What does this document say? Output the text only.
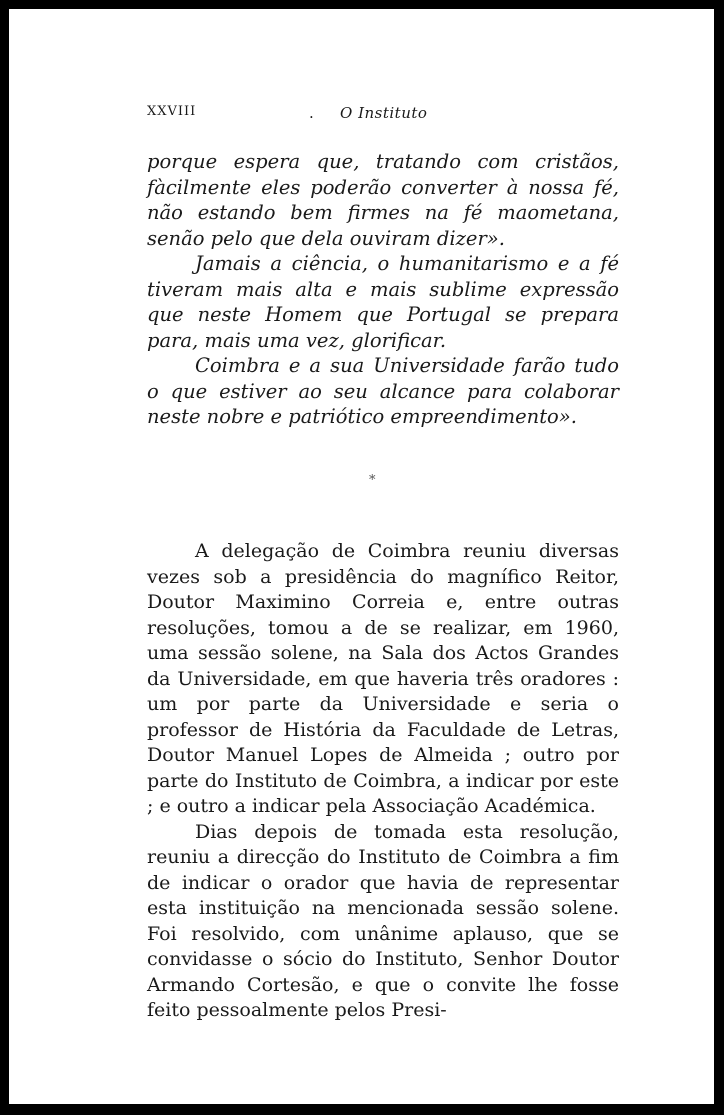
XXVIII	. O Instituto

porque espera que, tratando com cristãos, fàcilmente eles poderão converter à nossa fé, não estando bem firmes na fé maometana, senão pelo que dela ouviram dizer».

Jamais a ciência, o humanitarismo e a fé tiveram mais alta e mais sublime expressão que neste Homem que Portugal se prepara para, mais uma vez, glorificar.

Coimbra e a sua Universidade farão tudo o que estiver ao seu alcance para colaborar neste nobre e patriótico empreendimento».

*

A delegação de Coimbra reuniu diversas vezes sob a presidência do magnífico Reitor, Doutor Maximino Correia e, entre outras resoluções, tomou a de se realizar, em 1960, uma sessão solene, na Sala dos Actos Grandes da Universidade, em que haveria três oradores : um por parte da Universidade e seria o professor de História da Faculdade de Letras, Doutor Manuel Lopes de Almeida ; outro por parte do Instituto de Coimbra, a indicar por este ; e outro a indicar pela Associação Académica.

Dias depois de tomada esta resolução, reuniu a direcção do Instituto de Coimbra a fim de indicar o orador que havia de representar esta instituição na mencionada sessão solene. Foi resolvido, com unânime aplauso, que se convidasse o sócio do Instituto, Senhor Doutor Armando Cortesão, e que o convite lhe fosse feito pessoalmente pelos Presi-
